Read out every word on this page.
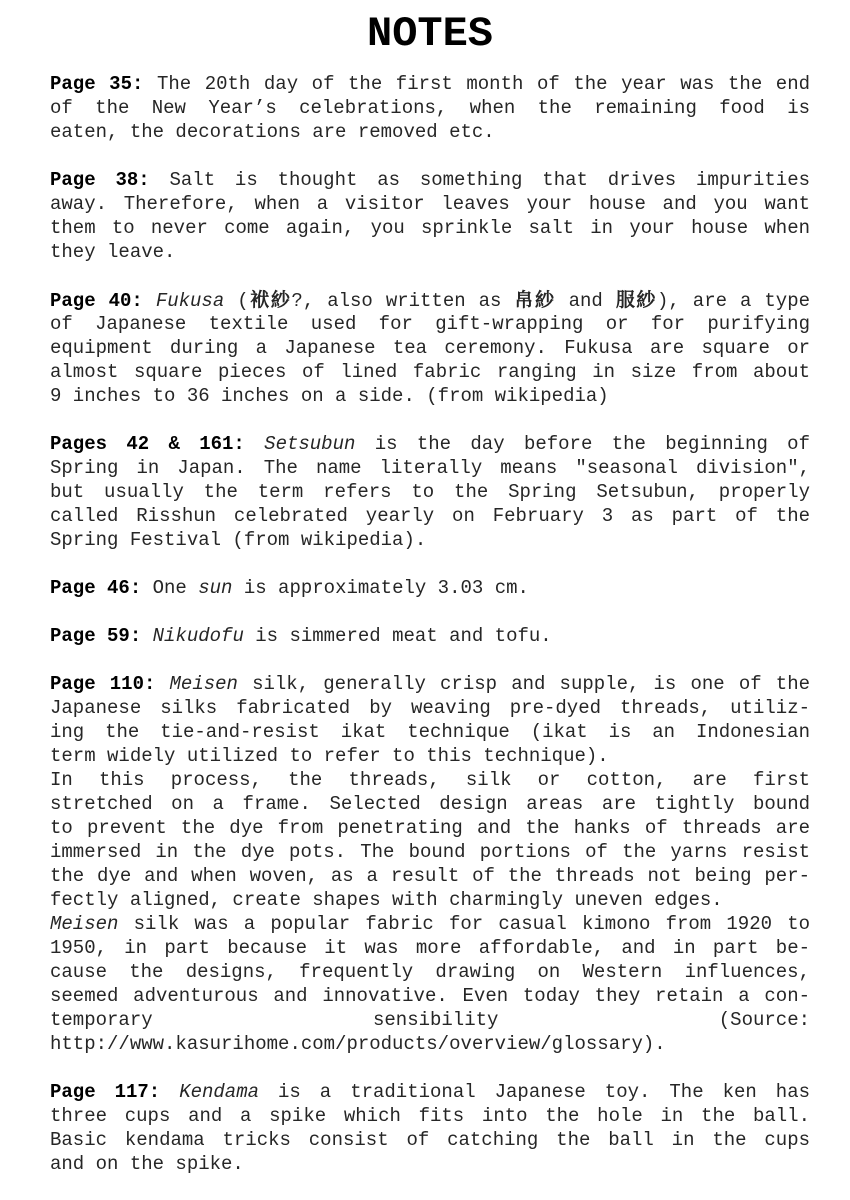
NOTES
Page 35: The 20th day of the first month of the year was the end
of the New Year’s celebrations, when the remaining food is
eaten, the decorations are removed etc.
Page 38: Salt is thought as something that drives impurities
away. Therefore, when a visitor leaves your house and you want
them to never come again, you sprinkle salt in your house when
they leave.
Page 40: Fukusa (袱紗?, also written as 帛紗 and 服紗), are a type
of Japanese textile used for gift-wrapping or for purifying
equipment during a Japanese tea ceremony. Fukusa are square or
almost square pieces of lined fabric ranging in size from about
9 inches to 36 inches on a side. (from wikipedia)
Pages 42 & 161: Setsubun is the day before the beginning of
Spring in Japan. The name literally means "seasonal division",
but usually the term refers to the Spring Setsubun, properly
called Risshun celebrated yearly on February 3 as part of the
Spring Festival (from wikipedia).
Page 46: One sun is approximately 3.03 cm.
Page 59: Nikudofu is simmered meat and tofu.
Page 110: Meisen silk, generally crisp and supple, is one of the
Japanese silks fabricated by weaving pre-dyed threads, utiliz-
ing the tie-and-resist ikat technique (ikat is an Indonesian
term widely utilized to refer to this technique).
In this process, the threads, silk or cotton, are first
stretched on a frame. Selected design areas are tightly bound
to prevent the dye from penetrating and the hanks of threads are
immersed in the dye pots. The bound portions of the yarns resist
the dye and when woven, as a result of the threads not being per-
fectly aligned, create shapes with charmingly uneven edges.
Meisen silk was a popular fabric for casual kimono from 1920 to
1950, in part because it was more affordable, and in part be-
cause the designs, frequently drawing on Western influences,
seemed adventurous and innovative. Even today they retain a con-
temporary sensibility (Source:
http://www.kasurihome.com/products/overview/glossary).
Page 117: Kendama is a traditional Japanese toy. The ken has
three cups and a spike which fits into the hole in the ball.
Basic kendama tricks consist of catching the ball in the cups
and on the spike.
